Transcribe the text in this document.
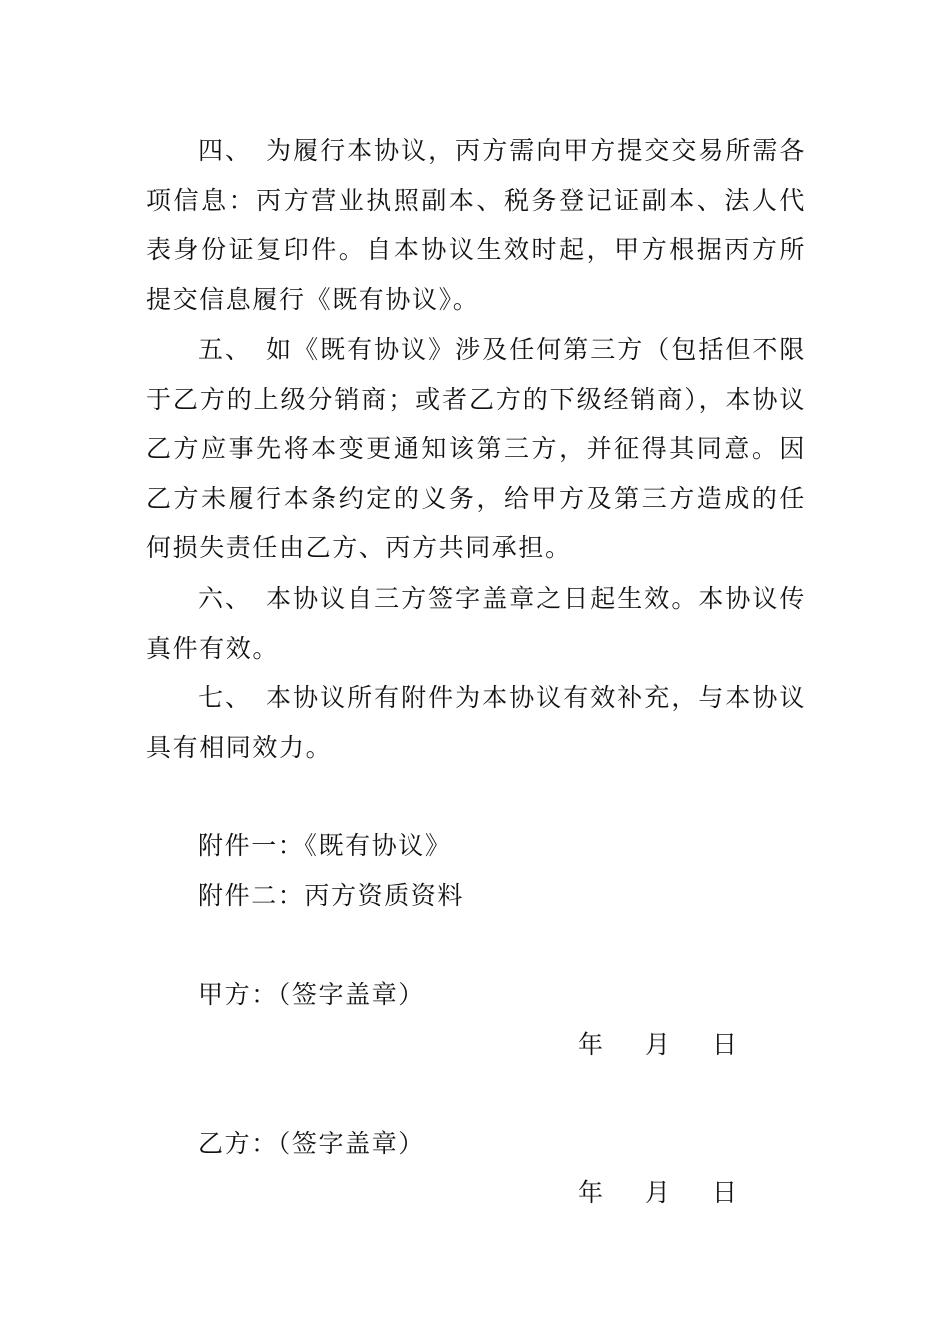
四、 为履行本协议，丙方需向甲方提交交易所需各项信息：丙方营业执照副本、税务登记证副本、法人代表身份证复印件。自本协议生效时起，甲方根据丙方所提交信息履行《既有协议》。

五、 如《既有协议》涉及任何第三方（包括但不限于乙方的上级分销商；或者乙方的下级经销商），本协议乙方应事先将本变更通知该第三方，并征得其同意。因乙方未履行本条约定的义务，给甲方及第三方造成的任何损失责任由乙方、丙方共同承担。

六、 本协议自三方签字盖章之日起生效。本协议传真件有效。

七、 本协议所有附件为本协议有效补充，与本协议具有相同效力。

附件一：《既有协议》

附件二：丙方资质资料

甲方：（签字盖章）

年 月 日

乙方：（签字盖章）

年 月 日
